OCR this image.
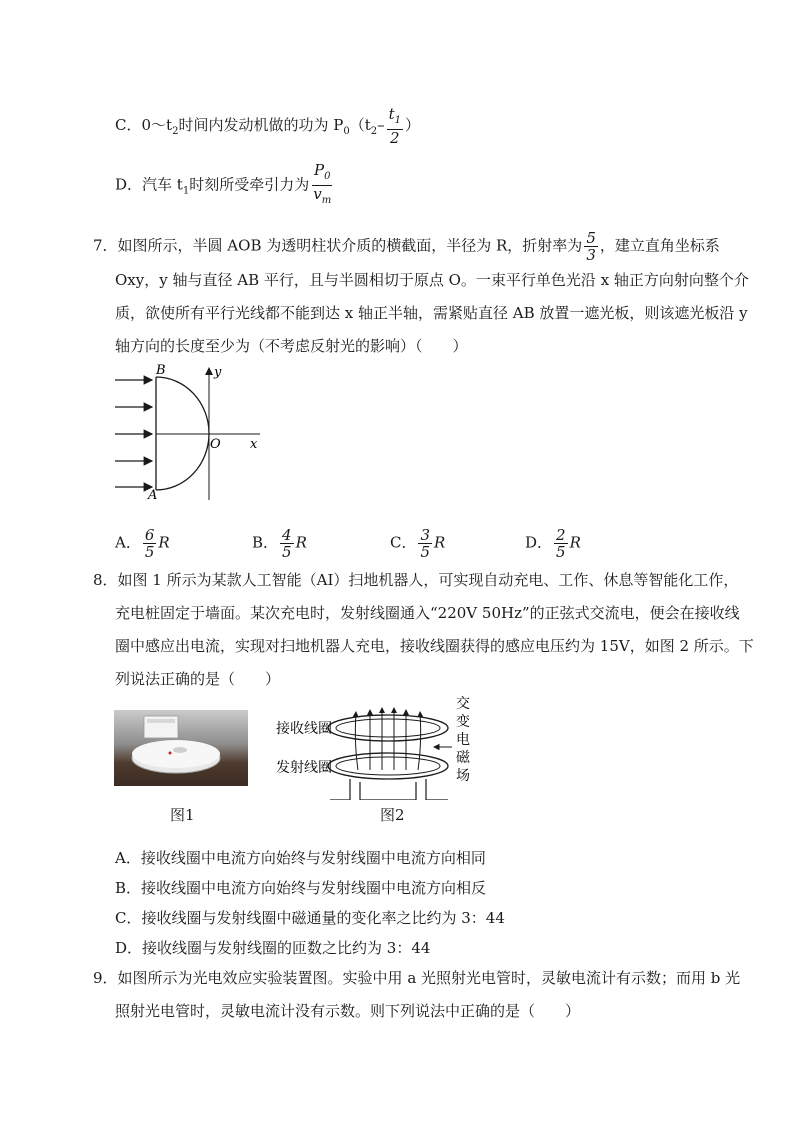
C．$0\sim t_2$时间内发动机做的功为 $P_0(t_2- \frac{t_1}{2}$ ）
D．汽车 $t_1$时刻所受牵引力为 $\frac{P_0}{v_m}$
7．如图所示，半圆 AOB 为透明柱状介质的横截面，半径为 R，折射率为 $\frac{5}{3}$ ，建立直角坐标系
Oxy，y 轴与直径 AB 平行，且与半圆相切于原点 O。一束平行单色光沿 x 轴正方向射向整个介
质，欲使所有平行光线都不能到达 x 轴正半轴，需紧贴直径 AB 放置一遮光板，则该遮光板沿 y
轴方向的长度至少为（不考虑反射光的影响）（　　）
B
A
O x
y
A． $\frac{6}{5}$ R	B． $\frac{4}{5}$ R	C． $\frac{3}{5}$ R	D． $\frac{2}{5}$ R
8．如图 1 所示为某款人工智能（AI）扫地机器人，可实现自动充电、工作、休息等智能化工作，
充电桩固定于墙面。某次充电时，发射线圈通入“220V 50Hz”的正弦式交流电，便会在接收线
圈中感应出电流，实现对扫地机器人充电，接收线圈获得的感应电压约为 15V，如图 2 所示。下
列说法正确的是（　　）
图1
接收线圈
发射线圈
交
变
电
磁
场
图2
A．接收线圈中电流方向始终与发射线圈中电流方向相同
B．接收线圈中电流方向始终与发射线圈中电流方向相反
C．接收线圈与发射线圈中磁通量的变化率之比约为 3：44
D．接收线圈与发射线圈的匝数之比约为 3：44
9．如图所示为光电效应实验装置图。实验中用 a 光照射光电管时，灵敏电流计有示数；而用 b 光
照射光电管时，灵敏电流计没有示数。则下列说法中正确的是（　　）
